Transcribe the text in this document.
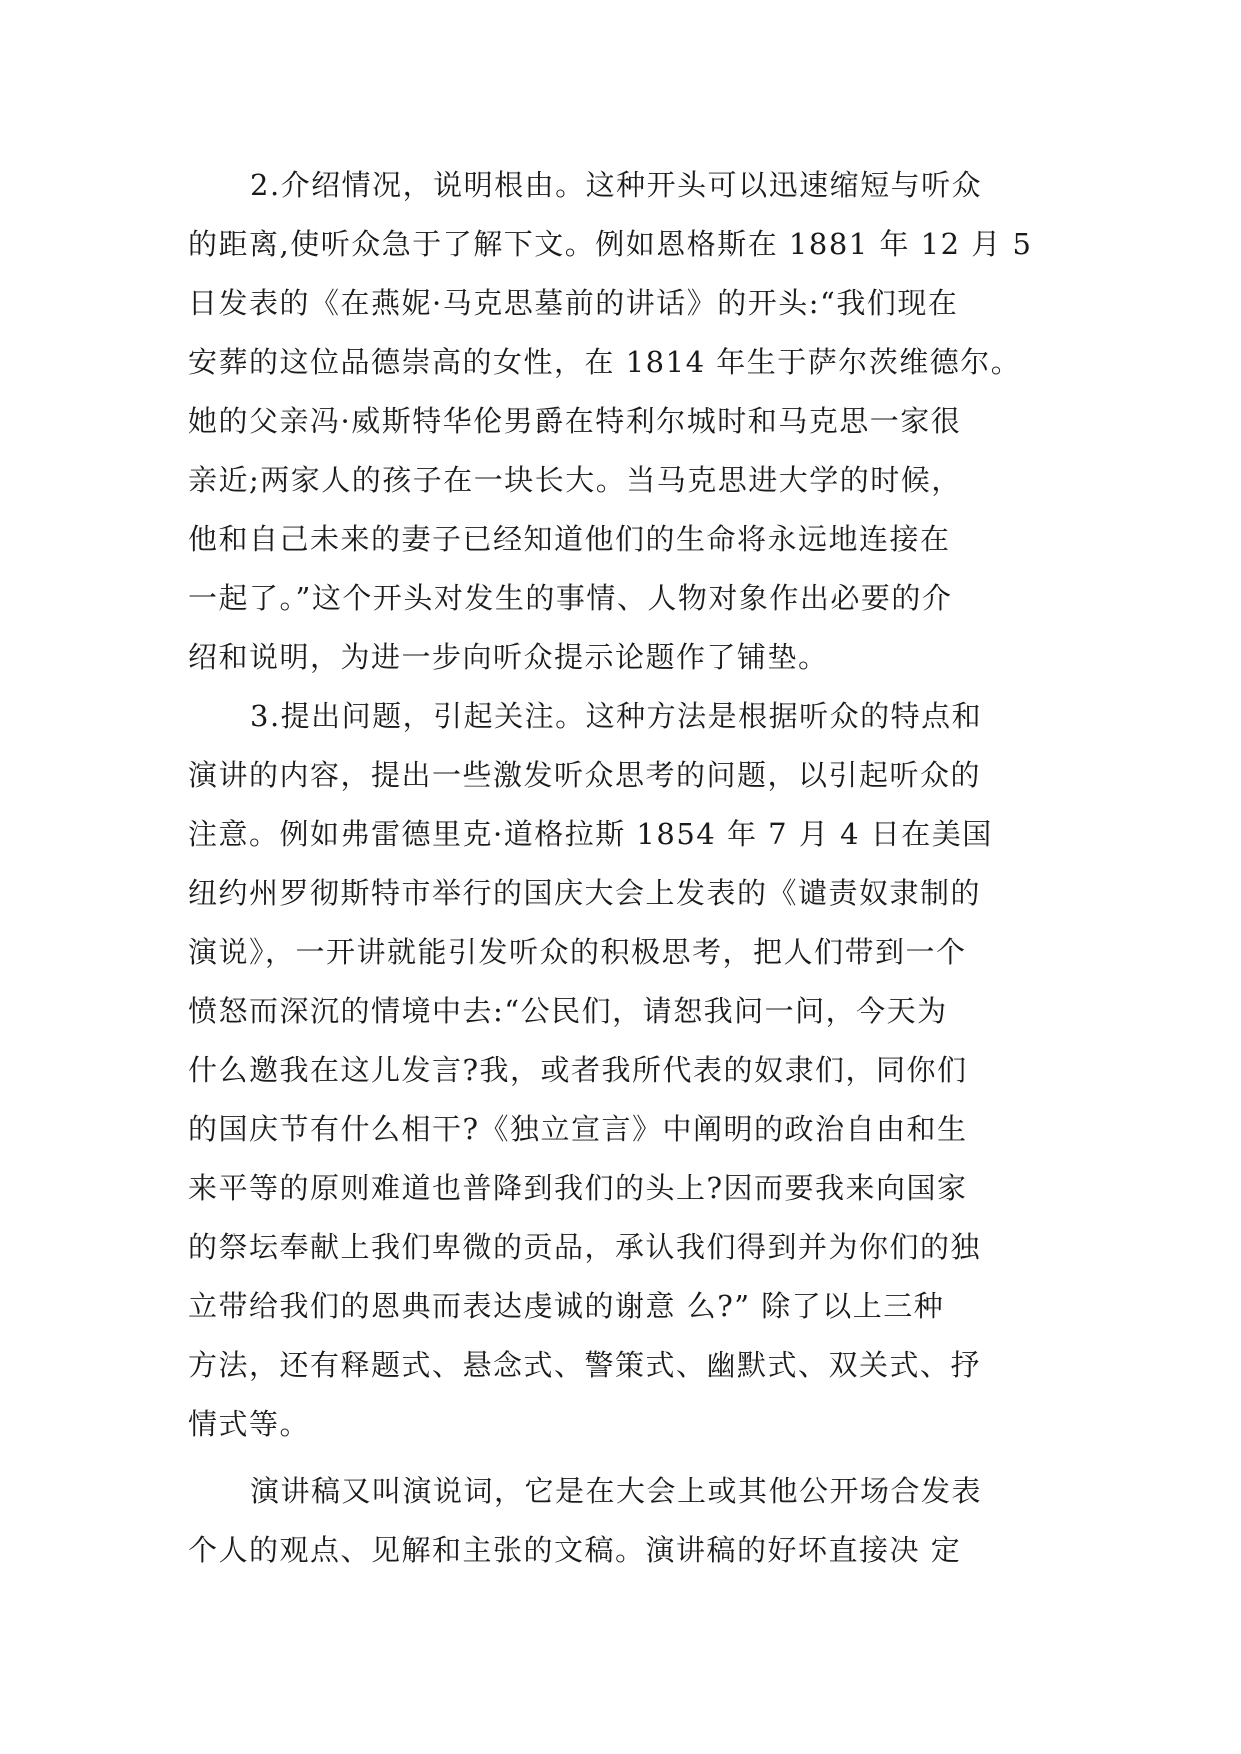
2.介绍情况，说明根由。这种开头可以迅速缩短与听众
的距离,使听众急于了解下文。例如恩格斯在 1881 年 12 月 5
日发表的《在燕妮·马克思墓前的讲话》的开头:“我们现在
安葬的这位品德崇高的女性，在 1814 年生于萨尔茨维德尔。
她的父亲冯·威斯特华伦男爵在特利尔城时和马克思一家很
亲近;两家人的孩子在一块长大。当马克思进大学的时候，
他和自己未来的妻子已经知道他们的生命将永远地连接在
一起了。”这个开头对发生的事情、人物对象作出必要的介
绍和说明，为进一步向听众提示论题作了铺垫。
3.提出问题，引起关注。这种方法是根据听众的特点和
演讲的内容，提出一些激发听众思考的问题，以引起听众的
注意。例如弗雷德里克·道格拉斯 1854 年 7 月 4 日在美国
纽约州罗彻斯特市举行的国庆大会上发表的《谴责奴隶制的
演说》，一开讲就能引发听众的积极思考，把人们带到一个
愤怒而深沉的情境中去:“公民们，请恕我问一问，今天为
什么邀我在这儿发言?我，或者我所代表的奴隶们，同你们
的国庆节有什么相干?《独立宣言》中阐明的政治自由和生
来平等的原则难道也普降到我们的头上?因而要我来向国家
的祭坛奉献上我们卑微的贡品，承认我们得到并为你们的独
立带给我们的恩典而表达虔诚的谢意 么?” 除了以上三种
方法，还有释题式、悬念式、警策式、幽默式、双关式、抒
情式等。
演讲稿又叫演说词，它是在大会上或其他公开场合发表
个人的观点、见解和主张的文稿。演讲稿的好坏直接决 定
